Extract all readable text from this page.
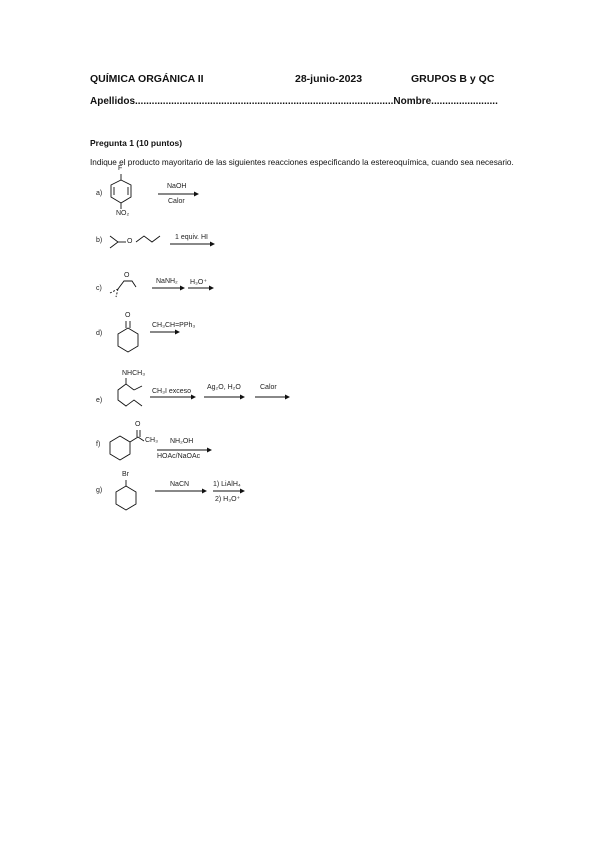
QUÍMICA ORGÁNICA II	28-junio-2023	GRUPOS B y QC
Apellidos.............................................................................................Nombre........................
Pregunta 1 (10 puntos)
Indique el producto mayoritario de las siguientes reacciones especificando la estereoquímica, cuando sea necesario.
a)
F
NO₂
NaOH
Calor
b)	O
1 equiv. HI
c)
O
NaNH₂ H₃O⁺
d)
O
CH₃CH=PPh₃
e)
NHCH₃
CH₃I exceso
Ag₂O, H₂O	Calor
f)
O
CH₃ NH₂OH
HOAc/NaOAc
g)
Br
NaCN	1) LiAlH₄
2) H₃O⁺
